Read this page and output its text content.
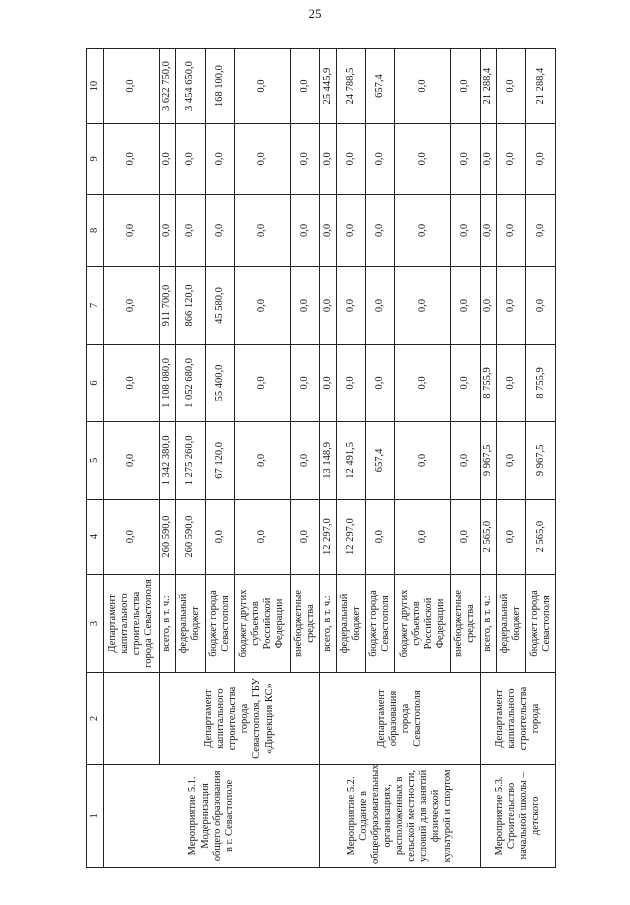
25
1	2	3	4	5	6	7	8	9	10
Мероприятие 5.1. Модернизация общего образования в г. Севастополе		Департамент капитального строительства города Севастополя	0,0	0,0	0,0	0,0	0,0	0,0	0,0
	Департамент капитального строительства города Севастополя, ГБУ «Дирекция КС»	всего, в т. ч.:	260 590,0	1 342 380,0	1 108 080,0	911 700,0	0,0	0,0	3 622 750,0
		федеральный бюджет	260 590,0	1 275 260,0	1 052 680,0	866 120,0	0,0	0,0	3 454 650,0
		бюджет города Севастополя	0,0	67 120,0	55 400,0	45 580,0	0,0	0,0	168 100,0
		бюджет других субъектов Российской Федерации	0,0	0,0	0,0	0,0	0,0	0,0	0,0
		внебюджетные средства	0,0	0,0	0,0	0,0	0,0	0,0	0,0
Мероприятие 5.2. Создание в общеобразовательных организациях, расположенных в сельской местности, условий для занятий физической культурой и спортом	Департамент образования города Севастополя	всего, в т. ч.:	12 297,0	13 148,9	0,0	0,0	0,0	0,0	25 445,9
		федеральный бюджет	12 297,0	12 491,5	0,0	0,0	0,0	0,0	24 788,5
		бюджет города Севастополя	0,0	657,4	0,0	0,0	0,0	0,0	657,4
		бюджет других субъектов Российской Федерации	0,0	0,0	0,0	0,0	0,0	0,0	0,0
		внебюджетные средства	0,0	0,0	0,0	0,0	0,0	0,0	0,0
Мероприятие 5.3. Строительство начальной школы – детского	Департамент капитального строительства города	всего, в т. ч.:	2 565,0	9 967,5	8 755,9	0,0	0,0	0,0	21 288,4
		федеральный бюджет	0,0	0,0	0,0	0,0	0,0	0,0	0,0
		бюджет города Севастополя	2 565,0	9 967,5	8 755,9	0,0	0,0	0,0	21 288,4
